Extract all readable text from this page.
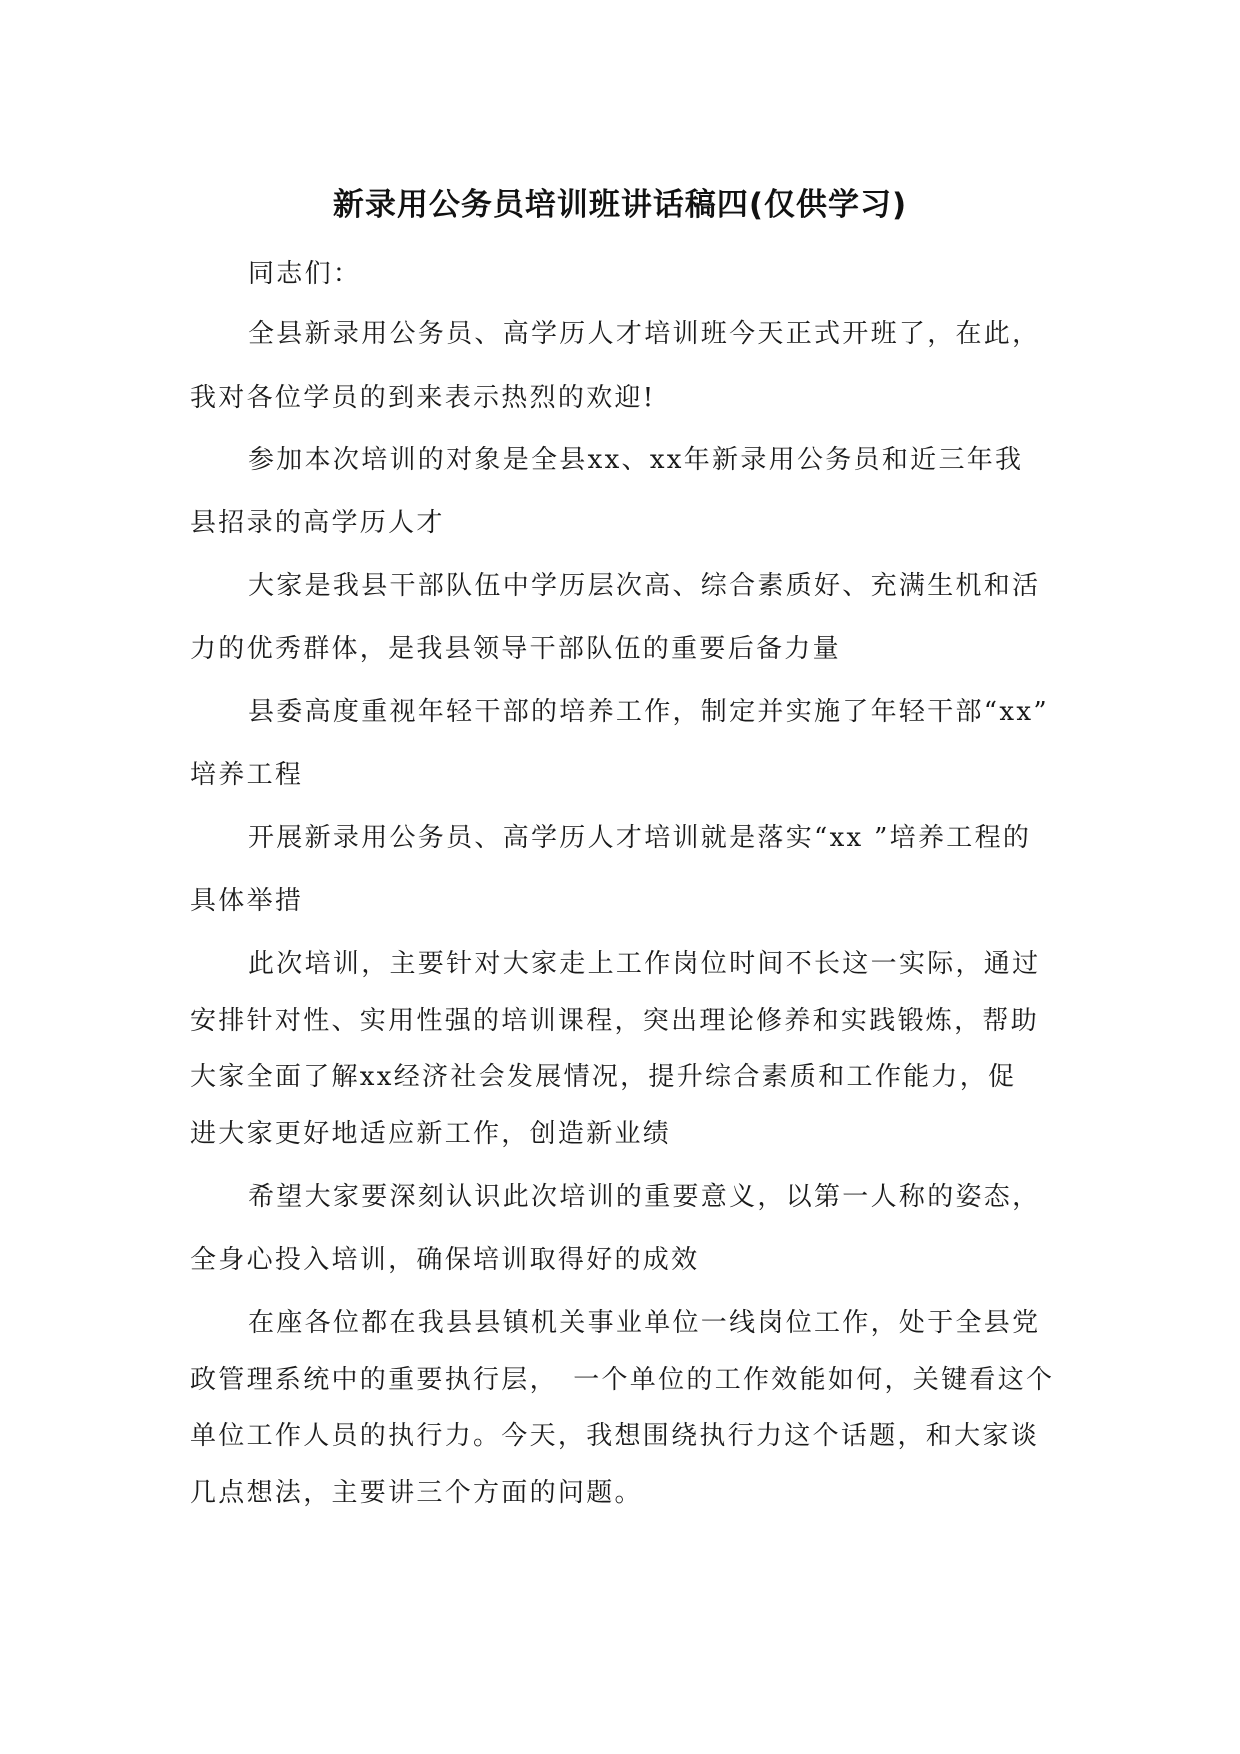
新录用公务员培训班讲话稿四(仅供学习)
同志们：
全县新录用公务员、高学历人才培训班今天正式开班了，在此，
我对各位学员的到来表示热烈的欢迎!
参加本次培训的对象是全县xx、xx年新录用公务员和近三年我
县招录的高学历人才
大家是我县干部队伍中学历层次高、综合素质好、充满生机和活
力的优秀群体，是我县领导干部队伍的重要后备力量
县委高度重视年轻干部的培养工作，制定并实施了年轻干部“xx”
培养工程
开展新录用公务员、高学历人才培训就是落实“xx ”培养工程的
具体举措
此次培训，主要针对大家走上工作岗位时间不长这一实际，通过
安排针对性、实用性强的培训课程，突出理论修养和实践锻炼，帮助
大家全面了解xx经济社会发展情况，提升综合素质和工作能力，促
进大家更好地适应新工作，创造新业绩
希望大家要深刻认识此次培训的重要意义，以第一人称的姿态，
全身心投入培训，确保培训取得好的成效
在座各位都在我县县镇机关事业单位一线岗位工作，处于全县党
政管理系统中的重要执行层，　一个单位的工作效能如何，关键看这个
单位工作人员的执行力。今天，我想围绕执行力这个话题，和大家谈
几点想法，主要讲三个方面的问题。
